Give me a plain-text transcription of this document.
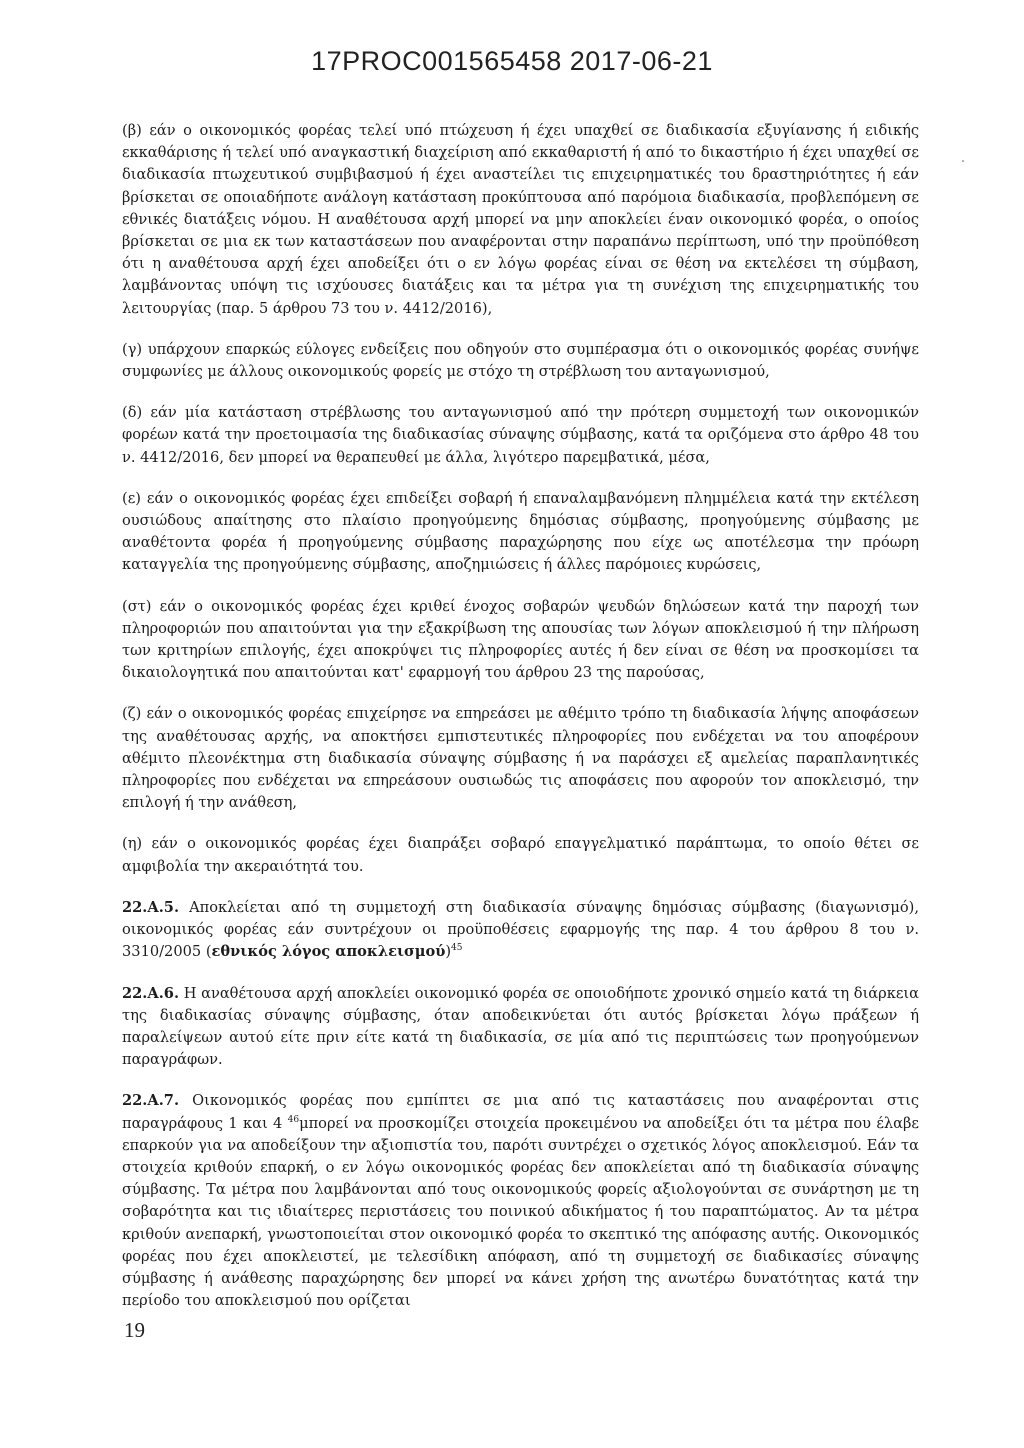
17PROC001565458 2017-06-21

(β) εάν ο οικονομικός φορέας τελεί υπό πτώχευση ή έχει υπαχθεί σε διαδικασία εξυγίανσης ή ειδικής εκκαθάρισης ή τελεί υπό αναγκαστική διαχείριση από εκκαθαριστή ή από το δικαστήριο ή έχει υπαχθεί σε διαδικασία πτωχευτικού συμβιβασμού ή έχει αναστείλει τις επιχειρηματικές του δραστηριότητες ή εάν βρίσκεται σε οποιαδήποτε ανάλογη κατάσταση προκύπτουσα από παρόμοια διαδικασία, προβλεπόμενη σε εθνικές διατάξεις νόμου. Η αναθέτουσα αρχή μπορεί να μην αποκλείει έναν οικονομικό φορέα, ο οποίος βρίσκεται σε μια εκ των καταστάσεων που αναφέρονται στην παραπάνω περίπτωση, υπό την προϋπόθεση ότι η αναθέτουσα αρχή έχει αποδείξει ότι ο εν λόγω φορέας είναι σε θέση να εκτελέσει τη σύμβαση, λαμβάνοντας υπόψη τις ισχύουσες διατάξεις και τα μέτρα για τη συνέχιση της επιχειρηματικής του λειτουργίας (παρ. 5 άρθρου 73 του ν. 4412/2016),

(γ) υπάρχουν επαρκώς εύλογες ενδείξεις που οδηγούν στο συμπέρασμα ότι ο οικονομικός φορέας συνήψε συμφωνίες με άλλους οικονομικούς φορείς με στόχο τη στρέβλωση του ανταγωνισμού,

(δ) εάν μία κατάσταση στρέβλωσης του ανταγωνισμού από την πρότερη συμμετοχή των οικονομικών φορέων κατά την προετοιμασία της διαδικασίας σύναψης σύμβασης, κατά τα οριζόμενα στο άρθρο 48 του ν. 4412/2016, δεν μπορεί να θεραπευθεί με άλλα, λιγότερο παρεμβατικά, μέσα,

(ε) εάν ο οικονομικός φορέας έχει επιδείξει σοβαρή ή επαναλαμβανόμενη πλημμέλεια κατά την εκτέλεση ουσιώδους απαίτησης στο πλαίσιο προηγούμενης δημόσιας σύμβασης, προηγούμενης σύμβασης με αναθέτοντα φορέα ή προηγούμενης σύμβασης παραχώρησης που είχε ως αποτέλεσμα την πρόωρη καταγγελία της προηγούμενης σύμβασης, αποζημιώσεις ή άλλες παρόμοιες κυρώσεις,

(στ) εάν ο οικονομικός φορέας έχει κριθεί ένοχος σοβαρών ψευδών δηλώσεων κατά την παροχή των πληροφοριών που απαιτούνται για την εξακρίβωση της απουσίας των λόγων αποκλεισμού ή την πλήρωση των κριτηρίων επιλογής, έχει αποκρύψει τις πληροφορίες αυτές ή δεν είναι σε θέση να προσκομίσει τα δικαιολογητικά που απαιτούνται κατ' εφαρμογή του άρθρου 23 της παρούσας,

(ζ) εάν ο οικονομικός φορέας επιχείρησε να επηρεάσει με αθέμιτο τρόπο τη διαδικασία λήψης αποφάσεων της αναθέτουσας αρχής, να αποκτήσει εμπιστευτικές πληροφορίες που ενδέχεται να του αποφέρουν αθέμιτο πλεονέκτημα στη διαδικασία σύναψης σύμβασης ή να παράσχει εξ αμελείας παραπλανητικές πληροφορίες που ενδέχεται να επηρεάσουν ουσιωδώς τις αποφάσεις που αφορούν τον αποκλεισμό, την επιλογή ή την ανάθεση,

(η) εάν ο οικονομικός φορέας έχει διαπράξει σοβαρό επαγγελματικό παράπτωμα, το οποίο θέτει σε αμφιβολία την ακεραιότητά του.

22.Α.5. Αποκλείεται από τη συμμετοχή στη διαδικασία σύναψης δημόσιας σύμβασης (διαγωνισμό), οικονομικός φορέας εάν συντρέχουν οι προϋποθέσεις εφαρμογής της παρ. 4 του άρθρου 8 του ν. 3310/2005 (εθνικός λόγος αποκλεισμού)$^{45}$

22.Α.6. Η αναθέτουσα αρχή αποκλείει οικονομικό φορέα σε οποιοδήποτε χρονικό σημείο κατά τη διάρκεια της διαδικασίας σύναψης σύμβασης, όταν αποδεικνύεται ότι αυτός βρίσκεται λόγω πράξεων ή παραλείψεων αυτού είτε πριν είτε κατά τη διαδικασία, σε μία από τις περιπτώσεις των προηγούμενων παραγράφων.

22.Α.7. Οικονομικός φορέας που εμπίπτει σε μια από τις καταστάσεις που αναφέρονται στις παραγράφους 1 και 4 $^{46}$μπορεί να προσκομίζει στοιχεία προκειμένου να αποδείξει ότι τα μέτρα που έλαβε επαρκούν για να αποδείξουν την αξιοπιστία του, παρότι συντρέχει ο σχετικός λόγος αποκλεισμού. Εάν τα στοιχεία κριθούν επαρκή, ο εν λόγω οικονομικός φορέας δεν αποκλείεται από τη διαδικασία σύναψης σύμβασης. Τα μέτρα που λαμβάνονται από τους οικονομικούς φορείς αξιολογούνται σε συνάρτηση με τη σοβαρότητα και τις ιδιαίτερες περιστάσεις του ποινικού αδικήματος ή του παραπτώματος. Αν τα μέτρα κριθούν ανεπαρκή, γνωστοποιείται στον οικονομικό φορέα το σκεπτικό της απόφασης αυτής. Οικονομικός φορέας που έχει αποκλειστεί, με τελεσίδικη απόφαση, από τη συμμετοχή σε διαδικασίες σύναψης σύμβασης ή ανάθεσης παραχώρησης δεν μπορεί να κάνει χρήση της ανωτέρω δυνατότητας κατά την περίοδο του αποκλεισμού που ορίζεται

19
